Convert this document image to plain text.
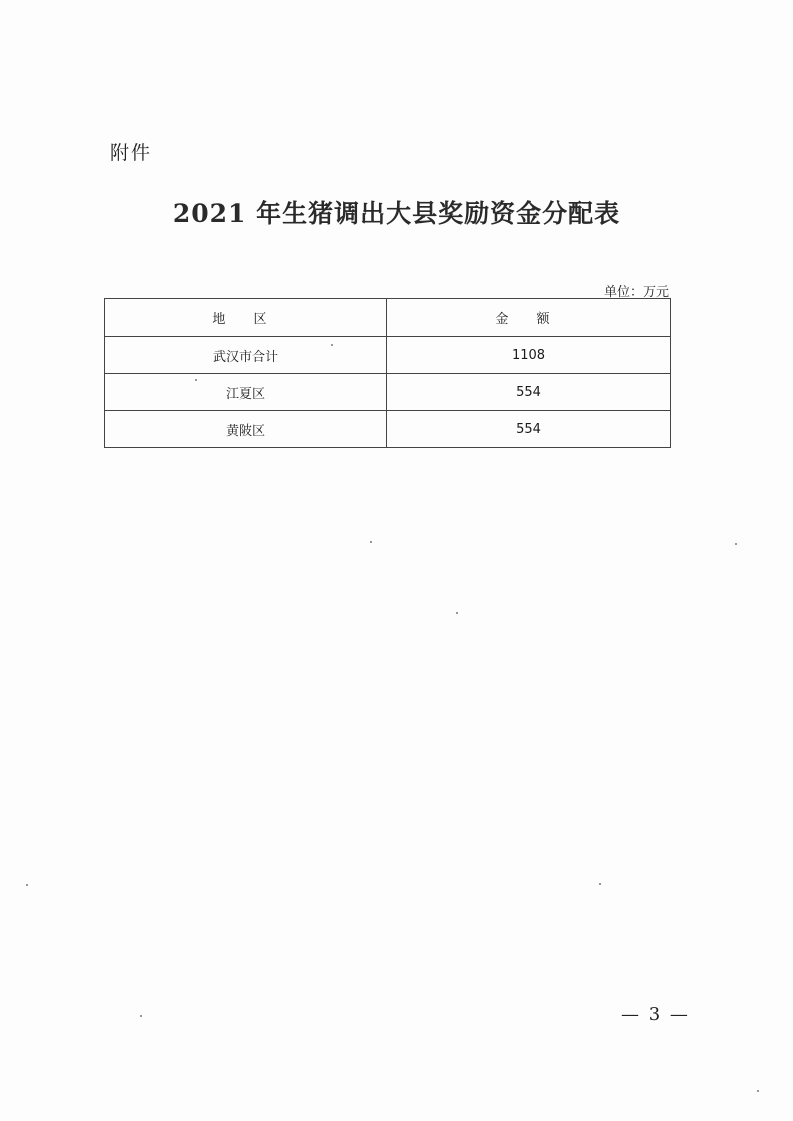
附件
2021 年生猪调出大县奖励资金分配表
单位：万元
地 区	金 额
武汉市合计	1108
江夏区	554
黄陂区	554
— 3 —
